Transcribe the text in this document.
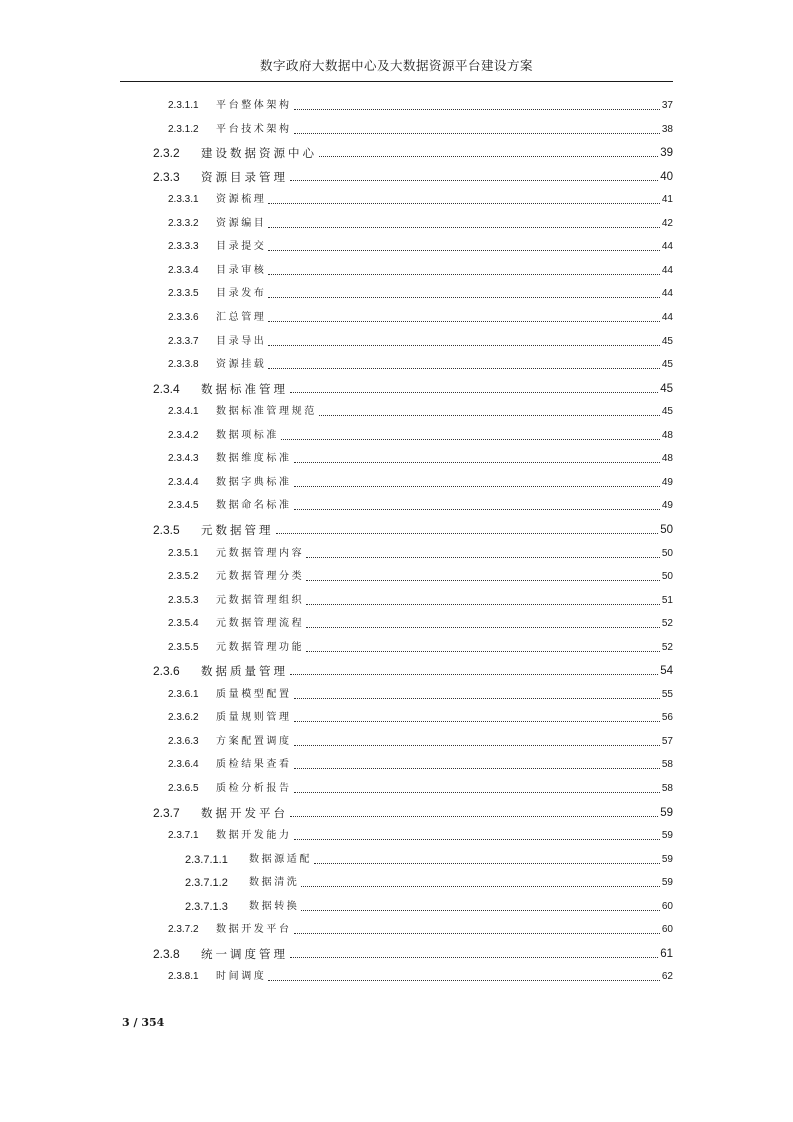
数字政府大数据中心及大数据资源平台建设方案
2.3.1.1	平台整体架构	37
2.3.1.2	平台技术架构	38
2.3.2	建设数据资源中心	39
2.3.3	资源目录管理	40
2.3.3.1	资源梳理	41
2.3.3.2	资源编目	42
2.3.3.3	目录提交	44
2.3.3.4	目录审核	44
2.3.3.5	目录发布	44
2.3.3.6	汇总管理	44
2.3.3.7	目录导出	45
2.3.3.8	资源挂载	45
2.3.4	数据标准管理	45
2.3.4.1	数据标准管理规范	45
2.3.4.2	数据项标准	48
2.3.4.3	数据维度标准	48
2.3.4.4	数据字典标准	49
2.3.4.5	数据命名标准	49
2.3.5	元数据管理	50
2.3.5.1	元数据管理内容	50
2.3.5.2	元数据管理分类	50
2.3.5.3	元数据管理组织	51
2.3.5.4	元数据管理流程	52
2.3.5.5	元数据管理功能	52
2.3.6	数据质量管理	54
2.3.6.1	质量模型配置	55
2.3.6.2	质量规则管理	56
2.3.6.3	方案配置调度	57
2.3.6.4	质检结果查看	58
2.3.6.5	质检分析报告	58
2.3.7	数据开发平台	59
2.3.7.1	数据开发能力	59
2.3.7.1.1	数据源适配	59
2.3.7.1.2	数据清洗	59
2.3.7.1.3	数据转换	60
2.3.7.2	数据开发平台	60
2.3.8	统一调度管理	61
2.3.8.1	时间调度	62
3 / 354
